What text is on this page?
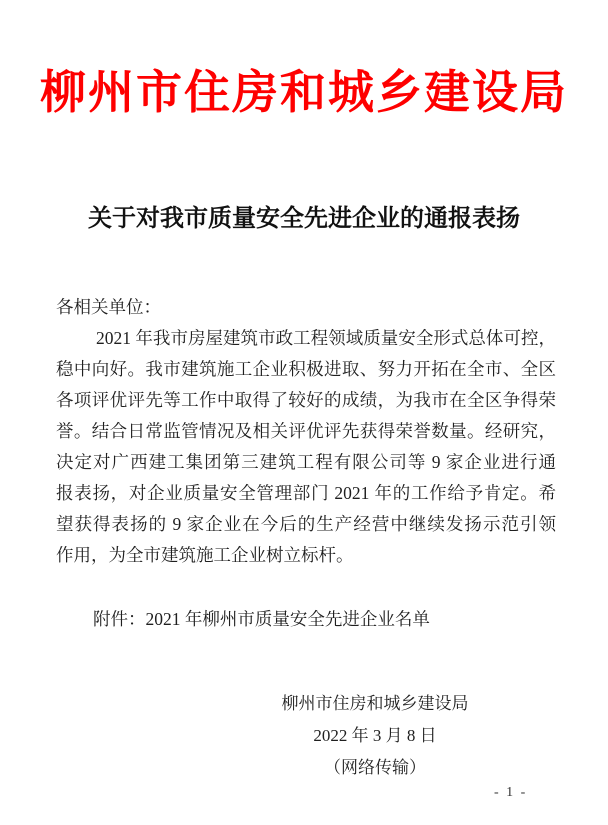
柳州市住房和城乡建设局
关于对我市质量安全先进企业的通报表扬
各相关单位：
2021 年我市房屋建筑市政工程领域质量安全形式总体可控，
稳中向好。我市建筑施工企业积极进取、努力开拓在全市、全区
各项评优评先等工作中取得了较好的成绩，为我市在全区争得荣
誉。结合日常监管情况及相关评优评先获得荣誉数量。经研究，
决定对广西建工集团第三建筑工程有限公司等 9 家企业进行通
报表扬，对企业质量安全管理部门 2021 年的工作给予肯定。希
望获得表扬的 9 家企业在今后的生产经营中继续发扬示范引领
作用，为全市建筑施工企业树立标杆。
附件：2021 年柳州市质量安全先进企业名单
柳州市住房和城乡建设局
2022 年 3 月 8 日
（网络传输）
- 1 -
